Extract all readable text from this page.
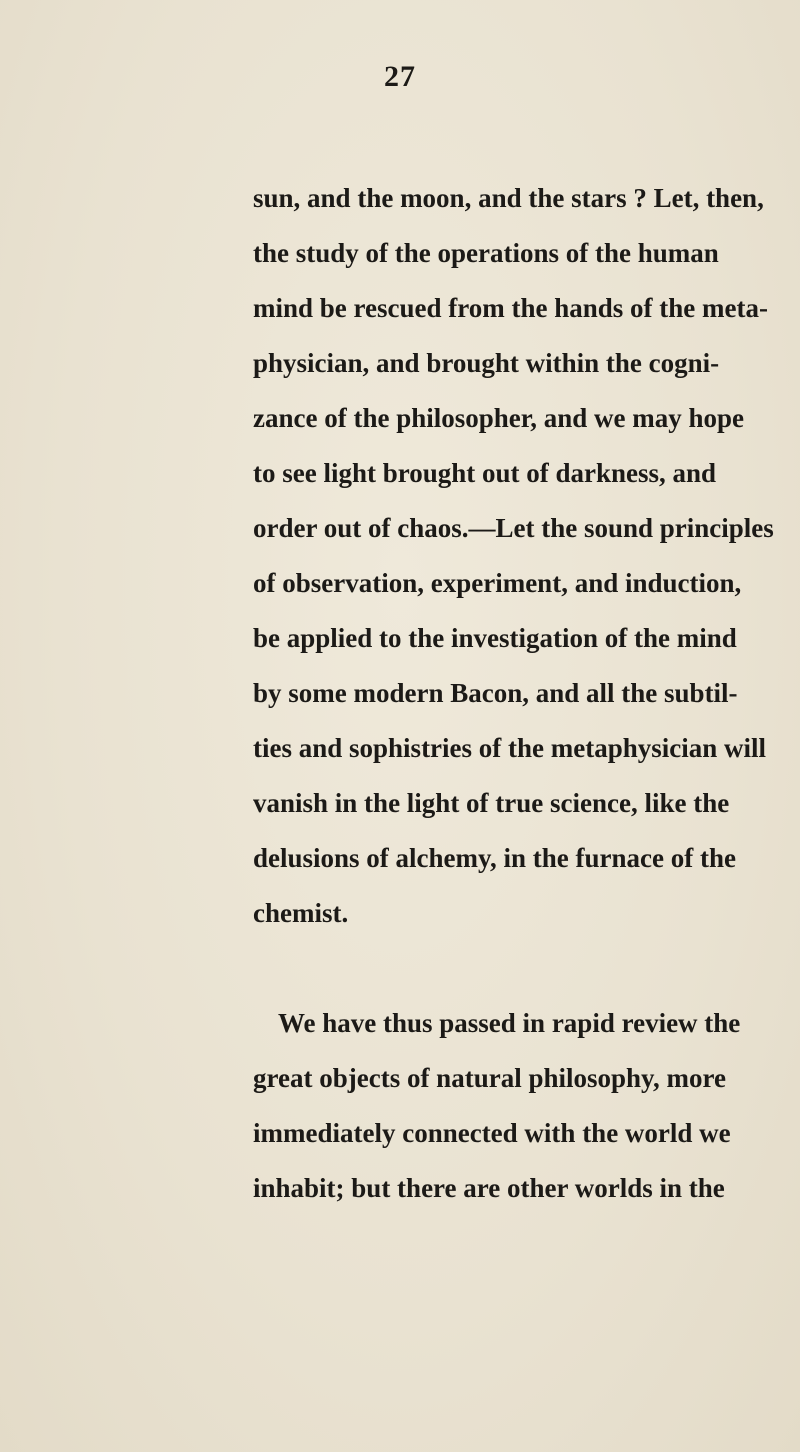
27
sun, and the moon, and the stars ? Let, then,
the study of the operations of the human
mind be rescued from the hands of the meta-
physician, and brought within the cogni-
zance of the philosopher, and we may hope
to see light brought out of darkness, and
order out of chaos.—Let the sound principles
of observation, experiment, and induction,
be applied to the investigation of the mind
by some modern Bacon, and all the subtil-
ties and sophistries of the metaphysician will
vanish in the light of true science, like the
delusions of alchemy, in the furnace of the
chemist.
We have thus passed in rapid review the
great objects of natural philosophy, more
immediately connected with the world we
inhabit; but there are other worlds in the
